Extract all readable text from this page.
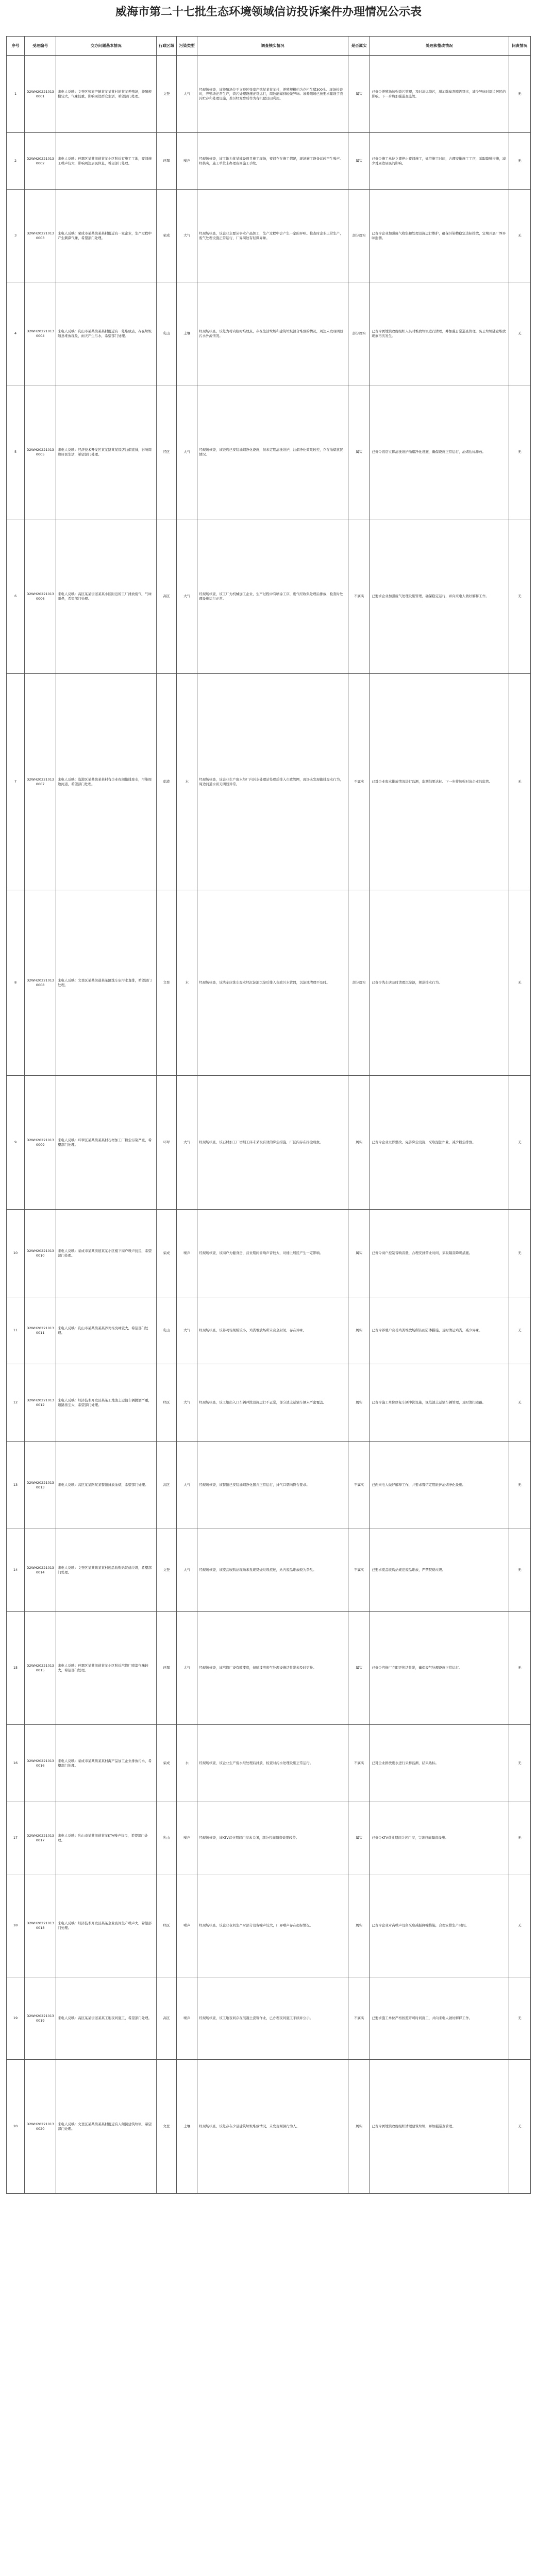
威海市第二十七批生态环境领域信访投诉案件办理情况公示表
序号	受理编号	交办问题基本情况	行政区域	污染类型	调查核实情况	是否属实	处理和整改情况	问责情况
1	D2WH202210130001	来电人反映：文登区张家产镇某某某某村的某某养殖场，养殖规模较大，气味较重，影响周边群众生活，希望部门处理。	文登	大气	经现场核查，该养殖场位于文登区张家产镇某某某某村，养殖规模约为存栏生猪300头。现场检查时，养殖场正常生产，粪污处理设施正常运行，周边能闻到轻微异味。该养殖场已按要求建设了粪污贮存和处理设施，粪污经发酵后作为有机肥还田利用。	属实	已责令养殖场加强粪污管理，及时清运粪污，增加除臭剂喷洒频次，减少异味对周边居民的影响。下一步将加强巡查监管。	无
2	D2WH202210130002	来电人反映：环翠区某某街道某某小区附近有施工工地，夜间施工噪声较大，影响周边居民休息，希望部门处理。	环翠	噪声	经现场核查，该工地为某某建设项目施工现场，夜间存在施工情况，现场施工设备运转产生噪声。经核实，施工单位未办理夜间施工手续。	属实	已责令施工单位立即停止夜间施工，规范施工时间，合理安排施工工序，采取降噪措施，减少对周边居民的影响。	无
3	D2WH202210130003	来电人反映：荣成市某某镇某某村附近有一家企业，生产过程中产生刺鼻气味，希望部门处理。	荣成	大气	经现场核查，该企业主要从事水产品加工，生产过程中会产生一定的异味。检查时企业正常生产，废气处理设施正常运行，厂界周边有轻微异味。	部分属实	已责令企业加强废气收集和处理设施运行维护，确保污染物稳定达标排放，定期开展厂界异味监测。	无
4	D2WH202210130004	来电人反映：乳山市某某镇某某村附近有一处堆放点，存在垃圾随意堆放现象，雨天产生污水，希望部门处理。	乳山	土壤	经现场核查，该处为村内临时堆放点，存在生活垃圾和建筑垃圾混合堆放的情况，周边未发现明显污水外流情况。	部分属实	已责令属地镇政府组织人员对堆放垃圾进行清理，并加强日常巡查管理，防止垃圾随意堆放现象再次发生。	无
5	D2WH202210130005	来电人反映：经济技术开发区某某路某某饭店油烟直排，影响周边居民生活，希望部门处理。	经区	大气	经现场核查，该饭店已安装油烟净化设施，但未定期清洗维护，油烟净化效果较差，存在油烟扰民情况。	属实	已责令饭店立即清洗维护油烟净化设施，确保设施正常运行，油烟达标排放。	无
6	D2WH202210130006	来电人反映：高区某某街道某某小区附近的工厂排放废气，气味刺鼻，希望部门处理。	高区	大气	经现场核查，该工厂为机械加工企业，生产过程中有喷涂工序，废气经收集处理后排放，检查时处理设施运行正常。	不属实	已要求企业加强废气处理设施管理，确保稳定运行，并向来电人做好解释工作。	无
7	D2WH202210130007	来电人反映：临港区某某镇某某村有企业夜间偷排废水，污染周边河道，希望部门处理。	临港	水	经现场核查，该企业生产废水经厂内污水处理站处理后排入市政管网，现场未发现偷排废水行为，周边河道水质无明显异常。	不属实	已对企业废水排放情况进行监测，监测结果达标。下一步将加强对该企业的监管。	无
8	D2WH202210130008	来电人反映：文登区某某街道某某路洗车店污水直排，希望部门处理。	文登	水	经现场核查，该洗车店洗车废水经沉淀池沉淀后排入市政污水管网，沉淀池清理不及时。	部分属实	已责令洗车店及时清理沉淀池，规范排水行为。	无
9	D2WH202210130009	来电人反映：环翠区某某镇某某村石材加工厂粉尘污染严重，希望部门处理。	环翠	大气	经现场核查，该石材加工厂切割工序未采取有效的降尘措施，厂区内存在扬尘现象。	属实	已责令企业立即整改，完善降尘设施，采取湿法作业，减少粉尘排放。	无
10	D2WH202210130010	来电人反映：荣成市某某街道某某小区楼下商户噪声扰民，希望部门处理。	荣成	噪声	经现场核查，该商户为健身房，营业期间音响声音较大，对楼上居民产生一定影响。	属实	已责令商户控制音响音量，合理安排营业时间，采取隔音降噪措施。	无
11	D2WH202210130011	来电人反映：乳山市某某镇某某养鸡场臭味较大，希望部门处理。	乳山	大气	经现场核查，该养鸡场规模较小，鸡粪堆放场所未完全封闭，存在异味。	属实	已责令养殖户完善鸡粪堆放场所防雨防渗措施，及时清运鸡粪，减少异味。	无
12	D2WH202210130012	来电人反映：经济技术开发区某某工地渣土运输车辆抛洒严重，道路扬尘大，希望部门处理。	经区	大气	经现场核查，该工地出入口车辆冲洗设施运行不正常，部分渣土运输车辆未严密覆盖。	属实	已责令施工单位修复车辆冲洗设施，规范渣土运输车辆管理，及时清扫道路。	无
13	D2WH202210130013	来电人反映：高区某某路某某餐馆排放油烟，希望部门处理。	高区	大气	经现场核查，该餐馆已安装油烟净化器并正常运行，排气口朝向符合要求。	不属实	已向来电人做好解释工作，并要求餐馆定期维护油烟净化设施。	无
14	D2WH202210130014	来电人反映：文登区某某镇某某村废品收购站焚烧垃圾，希望部门处理。	文登	大气	经现场核查，该废品收购站现场未发现焚烧垃圾痕迹，站内废品堆放较为杂乱。	不属实	已要求废品收购站规范废品堆放，严禁焚烧垃圾。	无
15	D2WH202210130015	来电人反映：环翠区某某街道某某小区附近汽修厂喷漆气味较大，希望部门处理。	环翠	大气	经现场核查，该汽修厂设有喷漆房，但喷漆房废气处理设施活性炭未及时更换。	属实	已责令汽修厂立即更换活性炭，确保废气处理设施正常运行。	无
16	D2WH202210130016	来电人反映：荣成市某某镇某某村海产品加工企业排放污水，希望部门处理。	荣成	水	经现场核查，该企业生产废水经处理后排放，检查时污水处理设施正常运行。	不属实	已对企业排放废水进行采样监测，结果达标。	无
17	D2WH202210130017	来电人反映：乳山市某某街道某某KTV噪声扰民，希望部门处理。	乳山	噪声	经现场核查，该KTV营业期间门窗未关闭，部分包间隔音效果较差。	属实	已责令KTV营业期间关闭门窗，完善包间隔音设施。	无
18	D2WH202210130018	来电人反映：经济技术开发区某某企业夜间生产噪声大，希望部门处理。	经区	噪声	经现场核查，该企业夜间生产时部分设备噪声较大，厂界噪声存在超标情况。	属实	已责令企业对高噪声设备采取减振降噪措施，合理安排生产时间。	无
19	D2WH202210130019	来电人反映：高区某某街道某某工地夜间施工，希望部门处理。	高区	噪声	经现场核查，该工地夜间存在混凝土浇筑作业，已办理夜间施工手续并公示。	不属实	已要求施工单位严格按照许可时间施工，并向来电人做好解释工作。	无
20	D2WH202210130020	来电人反映：文登区某某镇某某村附近有人倾倒建筑垃圾，希望部门处理。	文登	土壤	经现场核查，该处存在少量建筑垃圾堆放情况，未发现倾倒行为人。	属实	已责令属地镇政府组织清理建筑垃圾，并加强巡查管理。	无
